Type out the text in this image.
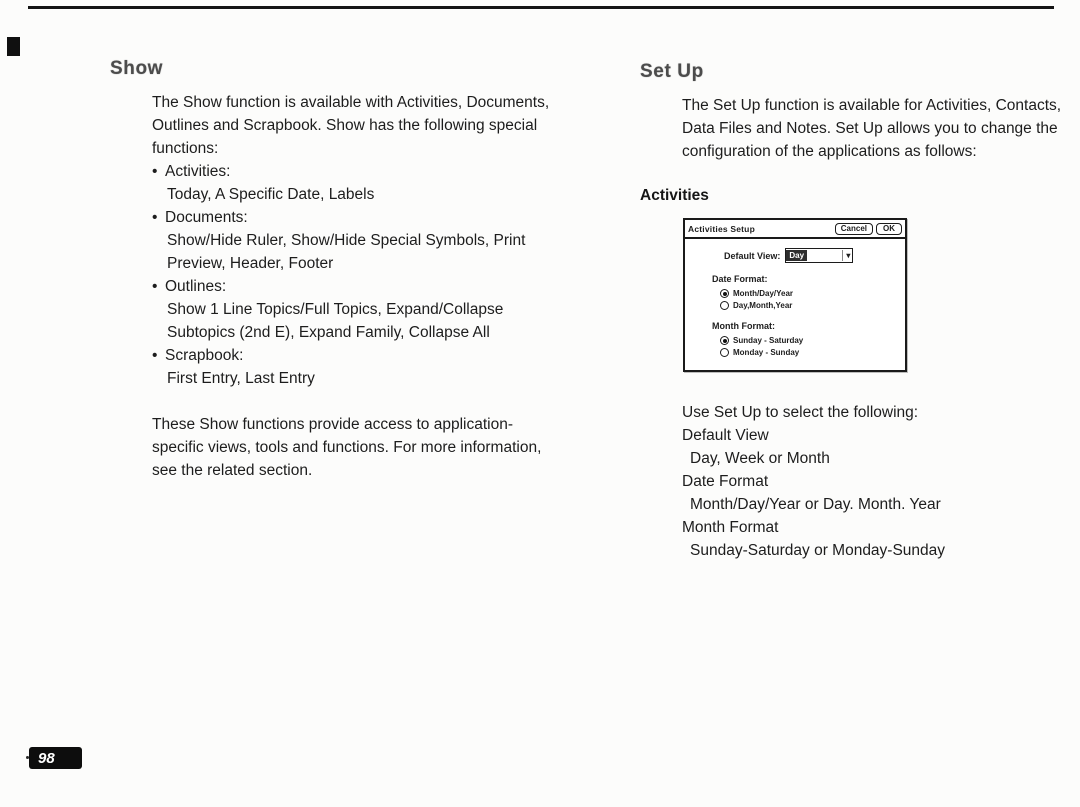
Show

The Show function is available with Activities, Documents, Outlines and Scrapbook. Show has the following special functions:

• Activities:
Today, A Specific Date, Labels
• Documents:
Show/Hide Ruler, Show/Hide Special Symbols, Print Preview, Header, Footer
• Outlines:
Show 1 Line Topics/Full Topics, Expand/Collapse Subtopics (2nd E), Expand Family, Collapse All
• Scrapbook:
First Entry, Last Entry

These Show functions provide access to application-specific views, tools and functions. For more information, see the related section.

Set Up

The Set Up function is available for Activities, Contacts, Data Files and Notes. Set Up allows you to change the configuration of the applications as follows:

Activities
Activities Setup	Cancel	OK
Default View:	Day	▾
Date Format:
Month/Day/Year
Day,Month,Year
Month Format:
Sunday - Saturday
Monday - Sunday

Use Set Up to select the following:

Default View
Day, Week or Month
Date Format
Month/Day/Year or Day. Month. Year
Month Format
Sunday-Saturday or Monday-Sunday
98
